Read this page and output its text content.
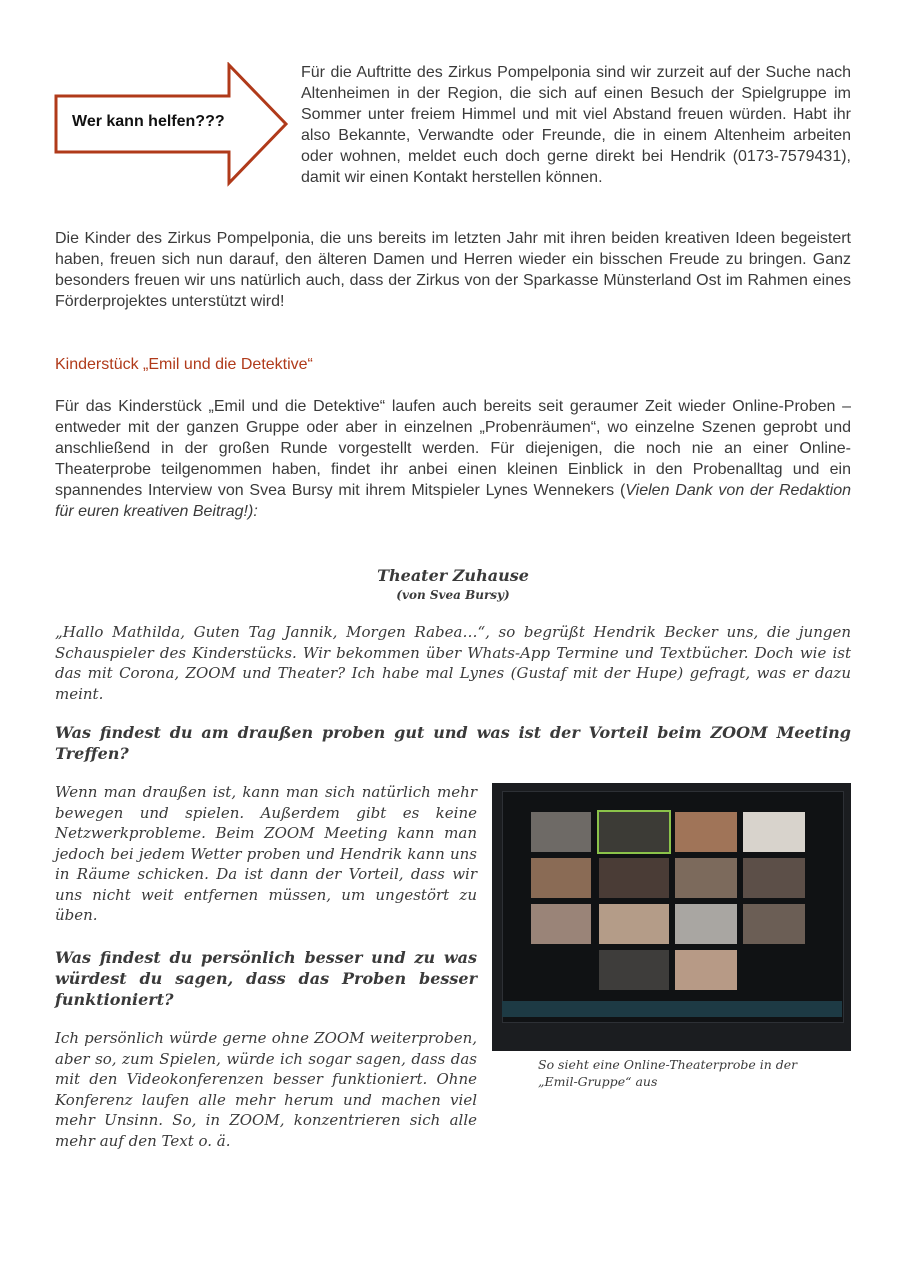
Wer kann helfen???

Für die Auftritte des Zirkus Pompelponia sind wir zurzeit auf der Suche nach Altenheimen in der Region, die sich auf einen Besuch der Spielgruppe im Sommer unter freiem Himmel und mit viel Abstand freuen würden. Habt ihr also Bekannte, Verwandte oder Freunde, die in einem Altenheim arbeiten oder wohnen, meldet euch doch gerne direkt bei Hendrik (0173-7579431), damit wir einen Kontakt herstellen können.

Die Kinder des Zirkus Pompelponia, die uns bereits im letzten Jahr mit ihren beiden kreativen Ideen begeistert haben, freuen sich nun darauf, den älteren Damen und Herren wieder ein bisschen Freude zu bringen. Ganz besonders freuen wir uns natürlich auch, dass der Zirkus von der Sparkasse Münsterland Ost im Rahmen eines Förderprojektes unterstützt wird!

Kinderstück „Emil und die Detektive“

Für das Kinderstück „Emil und die Detektive“ laufen auch bereits seit geraumer Zeit wieder Online-Proben – entweder mit der ganzen Gruppe oder aber in einzelnen „Probenräumen“, wo einzelne Szenen geprobt und anschließend in der großen Runde vorgestellt werden. Für diejenigen, die noch nie an einer Online-Theaterprobe teilgenommen haben, findet ihr anbei einen kleinen Einblick in den Probenalltag und ein spannendes Interview von Svea Bursy mit ihrem Mitspieler Lynes Wennekers (Vielen Dank von der Redaktion für euren kreativen Beitrag!):

Theater Zuhause

(von Svea Bursy)

„Hallo Mathilda, Guten Tag Jannik, Morgen Rabea…“, so begrüßt Hendrik Becker uns, die jungen Schauspieler des Kinderstücks. Wir bekommen über Whats-App Termine und Textbücher. Doch wie ist das mit Corona, ZOOM und Theater? Ich habe mal Lynes (Gustaf mit der Hupe) gefragt, was er dazu meint.

Was findest du am draußen proben gut und was ist der Vorteil beim ZOOM Meeting Treffen?

Wenn man draußen ist, kann man sich natürlich mehr bewegen und spielen. Außerdem gibt es keine Netzwerkprobleme. Beim ZOOM Meeting kann man jedoch bei jedem Wetter proben und Hendrik kann uns in Räume schicken. Da ist dann der Vorteil, dass wir uns nicht weit entfernen müssen, um ungestört zu üben.

Was findest du persönlich besser und zu was würdest du sagen, dass das Proben besser funktioniert?

Ich persönlich würde gerne ohne ZOOM weiterproben, aber so, zum Spielen, würde ich sogar sagen, dass das mit den Videokonferenzen besser funktioniert. Ohne Konferenz laufen alle mehr herum und machen viel mehr Unsinn. So, in ZOOM, konzentrieren sich alle mehr auf den Text o. ä.

So sieht eine Online-Theaterprobe in der „Emil-Gruppe“ aus
